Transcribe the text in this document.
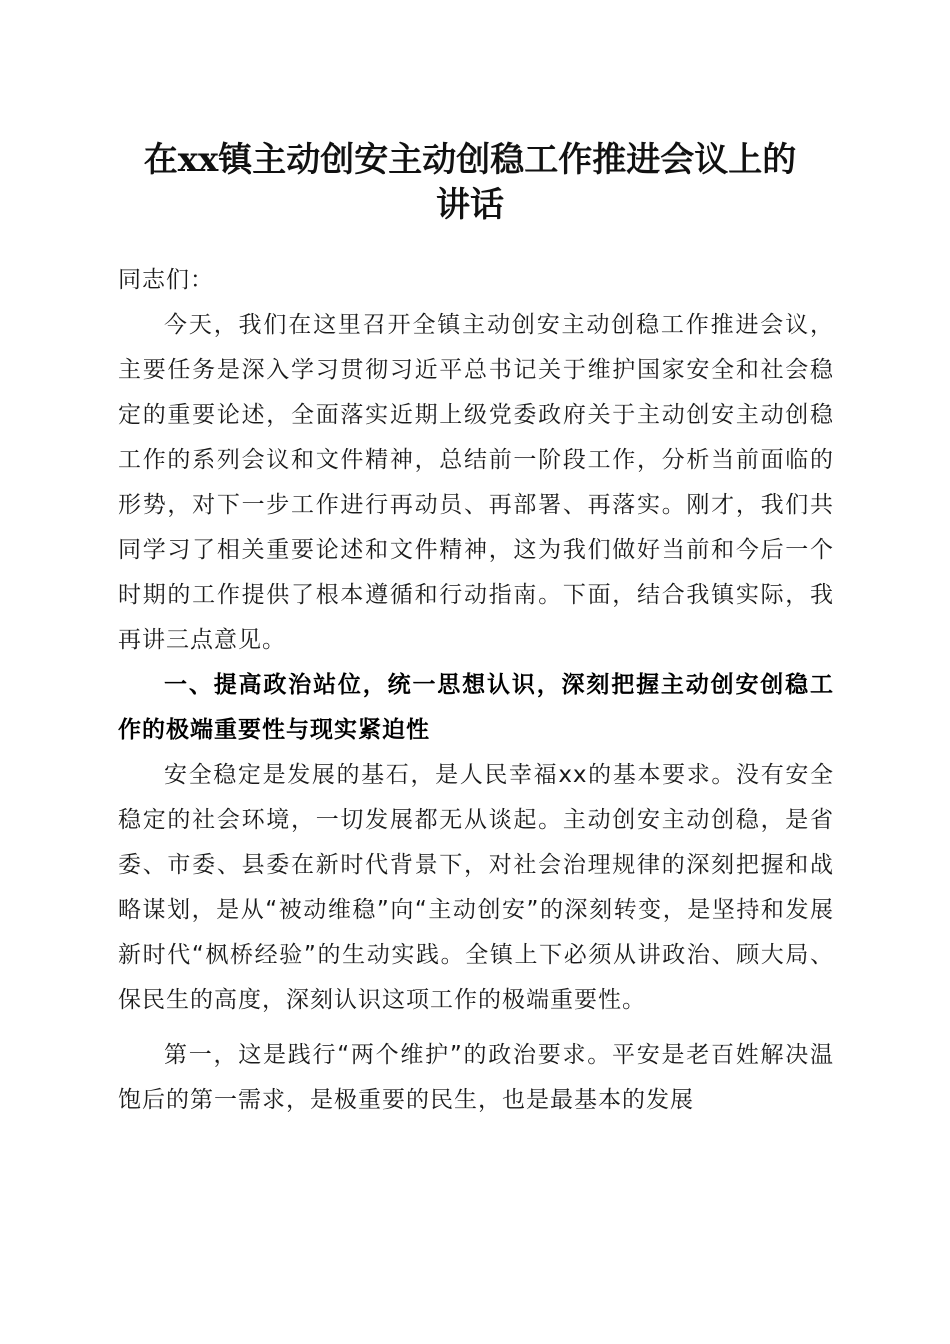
在xx镇主动创安主动创稳工作推进会议上的
讲话

同志们：

今天，我们在这里召开全镇主动创安主动创稳工作推进会议，主要任务是深入学习贯彻习近平总书记关于维护国家安全和社会稳定的重要论述，全面落实近期上级党委政府关于主动创安主动创稳工作的系列会议和文件精神，总结前一阶段工作，分析当前面临的形势，对下一步工作进行再动员、再部署、再落实。刚才，我们共同学习了相关重要论述和文件精神，这为我们做好当前和今后一个时期的工作提供了根本遵循和行动指南。下面，结合我镇实际，我再讲三点意见。

一、提高政治站位，统一思想认识，深刻把握主动创安创稳工作的极端重要性与现实紧迫性

安全稳定是发展的基石，是人民幸福xx的基本要求。没有安全稳定的社会环境，一切发展都无从谈起。主动创安主动创稳，是省委、市委、县委在新时代背景下，对社会治理规律的深刻把握和战略谋划，是从“被动维稳”向“主动创安”的深刻转变，是坚持和发展新时代“枫桥经验”的生动实践。全镇上下必须从讲政治、顾大局、保民生的高度，深刻认识这项工作的极端重要性。

第一，这是践行“两个维护”的政治要求。平安是老百姓解决温饱后的第一需求，是极重要的民生，也是最基本的发展
